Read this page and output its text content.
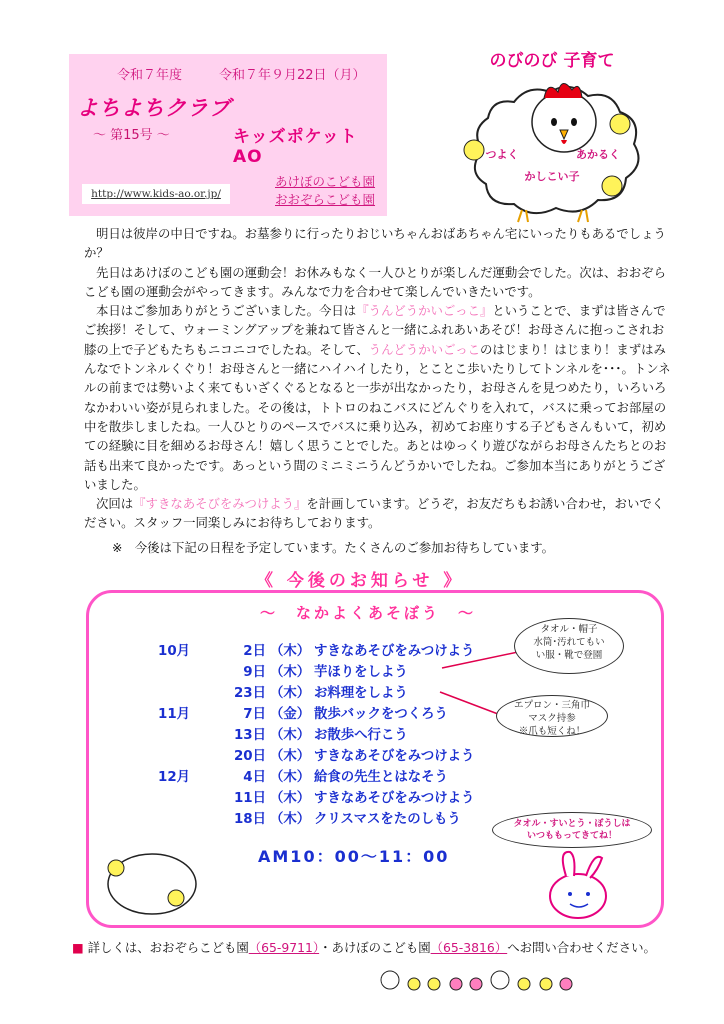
令和７年度	令和７年９月22日（月）
よちよちクラブ
～ 第15号 ～	キッズポケット AO
http://www.kids-ao.or.jp/
あけぼのこども園
おおぞらこども園
のびのび 子育て
つよく	あかるく
かしこい子

明日は彼岸の中日ですね。お墓参りに行ったりおじいちゃんおばあちゃん宅にいったりもあるでしょうか？

先日はあけぼのこども園の運動会！お休みもなく一人ひとりが楽しんだ運動会でした。次は、おおぞらこども園の運動会がやってきます。みんなで力を合わせて楽しんでいきたいです。

本日はご参加ありがとうございました。今日は『うんどうかいごっこ』ということで、まずは皆さんでご挨拶！そして、ウォーミングアップを兼ねて皆さんと一緒にふれあいあそび！お母さんに抱っこされお膝の上で子どもたちもニコニコでしたね。そして、うんどうかいごっこのはじまり！はじまり！まずはみんなでトンネルくぐり！お母さんと一緒にハイハイしたり，とことこ歩いたりしてトンネルを･･･。トンネルの前までは勢いよく来てもいざくぐるとなると一歩が出なかったり，お母さんを見つめたり，いろいろなかわいい姿が見られました。その後は，トトロのねこバスにどんぐりを入れて，バスに乗ってお部屋の中を散歩しましたね。一人ひとりのペースでバスに乗り込み，初めてお座りする子どもさんもいて，初めての経験に目を細めるお母さん！嬉しく思うことでした。あとはゆっくり遊びながらお母さんたちとのお話も出来て良かったです。あっという間のミニミニうんどうかいでしたね。ご参加本当にありがとうございました。

次回は『すきなあそびをみつけよう』を計画しています。どうぞ，お友だちもお誘い合わせ，おいでください。スタッフ一同楽しみにお待ちしております。

※　今後は下記の日程を予定しています。たくさんのご参加お待ちしています。
《 今後のお知らせ 》
～　なかよくあそぼう　～
10月	2日 （木） すきなあそびをみつけよう
9日 （木） 芋ほりをしよう
23日 （木） お料理をしよう
11月	7日 （金） 散歩バックをつくろう
13日 （木） お散歩へ行こう
20日 （木） すきなあそびをみつけよう
12月	4日 （木） 給食の先生とはなそう
11日 （木） すきなあそびをみつけよう
18日 （木） クリスマスをたのしもう
タオル・帽子
水筒･汚れてもい
い服・靴で登園
エプロン・三角巾
マスク持参
※爪も短くね！
タオル・すいとう・ぼうしは
いつももってきてね！
AM10：00～11：00
■ 詳しくは、おおぞらこども園（65-9711）・あけぼのこども園（65-3816）へお問い合わせください。
